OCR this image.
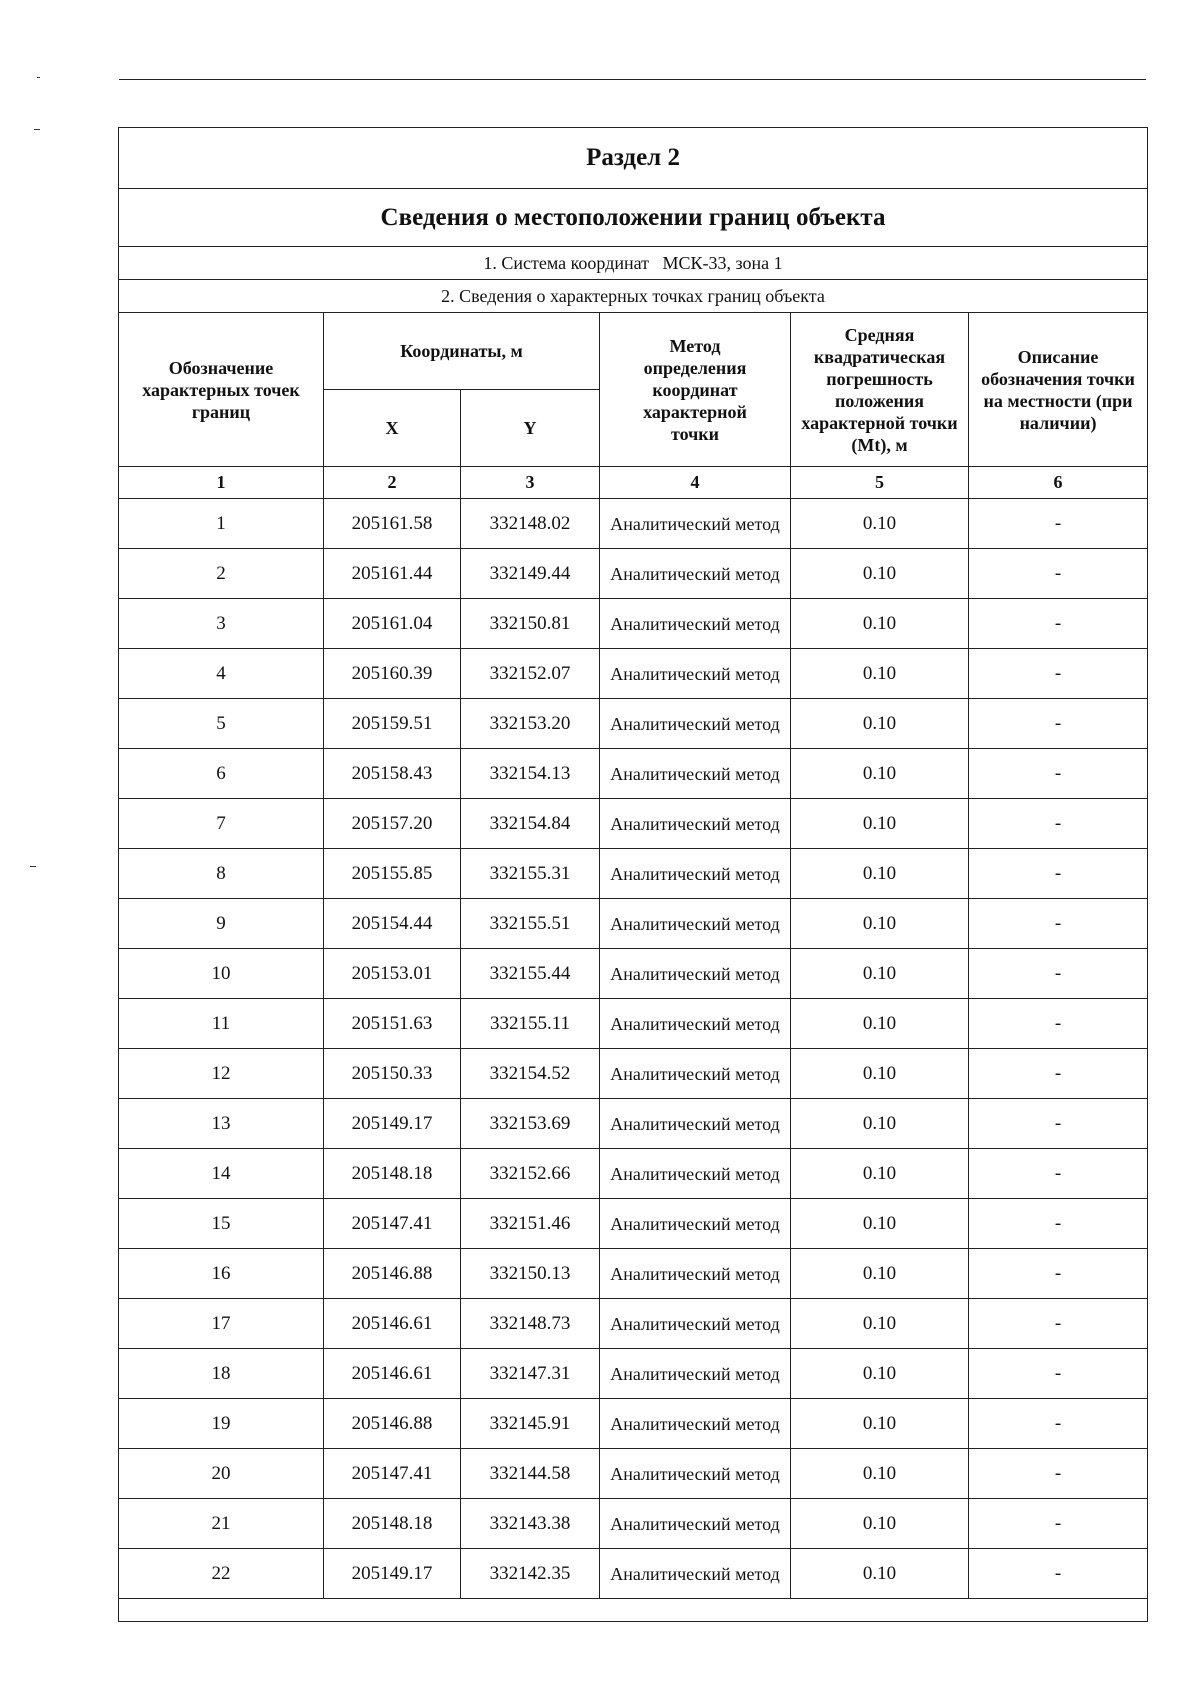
Раздел 2					
Сведения о местоположении границ объекта					
1. Система координат   МСК-33, зона 1					
2. Сведения о характерных точках границ объекта					
Обозначение характерных точек границ	Координаты, м		Метод определения координат характерной точки	Средняя квадратическая погрешность положения характерной точки (Mt), м	Описание обозначения точки на местности (при наличии)
	X	Y			
1	2	3	4	5	6
1	205161.58	332148.02	Аналитический метод	0.10	-
2	205161.44	332149.44	Аналитический метод	0.10	-
3	205161.04	332150.81	Аналитический метод	0.10	-
4	205160.39	332152.07	Аналитический метод	0.10	-
5	205159.51	332153.20	Аналитический метод	0.10	-
6	205158.43	332154.13	Аналитический метод	0.10	-
7	205157.20	332154.84	Аналитический метод	0.10	-
8	205155.85	332155.31	Аналитический метод	0.10	-
9	205154.44	332155.51	Аналитический метод	0.10	-
10	205153.01	332155.44	Аналитический метод	0.10	-
11	205151.63	332155.11	Аналитический метод	0.10	-
12	205150.33	332154.52	Аналитический метод	0.10	-
13	205149.17	332153.69	Аналитический метод	0.10	-
14	205148.18	332152.66	Аналитический метод	0.10	-
15	205147.41	332151.46	Аналитический метод	0.10	-
16	205146.88	332150.13	Аналитический метод	0.10	-
17	205146.61	332148.73	Аналитический метод	0.10	-
18	205146.61	332147.31	Аналитический метод	0.10	-
19	205146.88	332145.91	Аналитический метод	0.10	-
20	205147.41	332144.58	Аналитический метод	0.10	-
21	205148.18	332143.38	Аналитический метод	0.10	-
22	205149.17	332142.35	Аналитический метод	0.10	-
